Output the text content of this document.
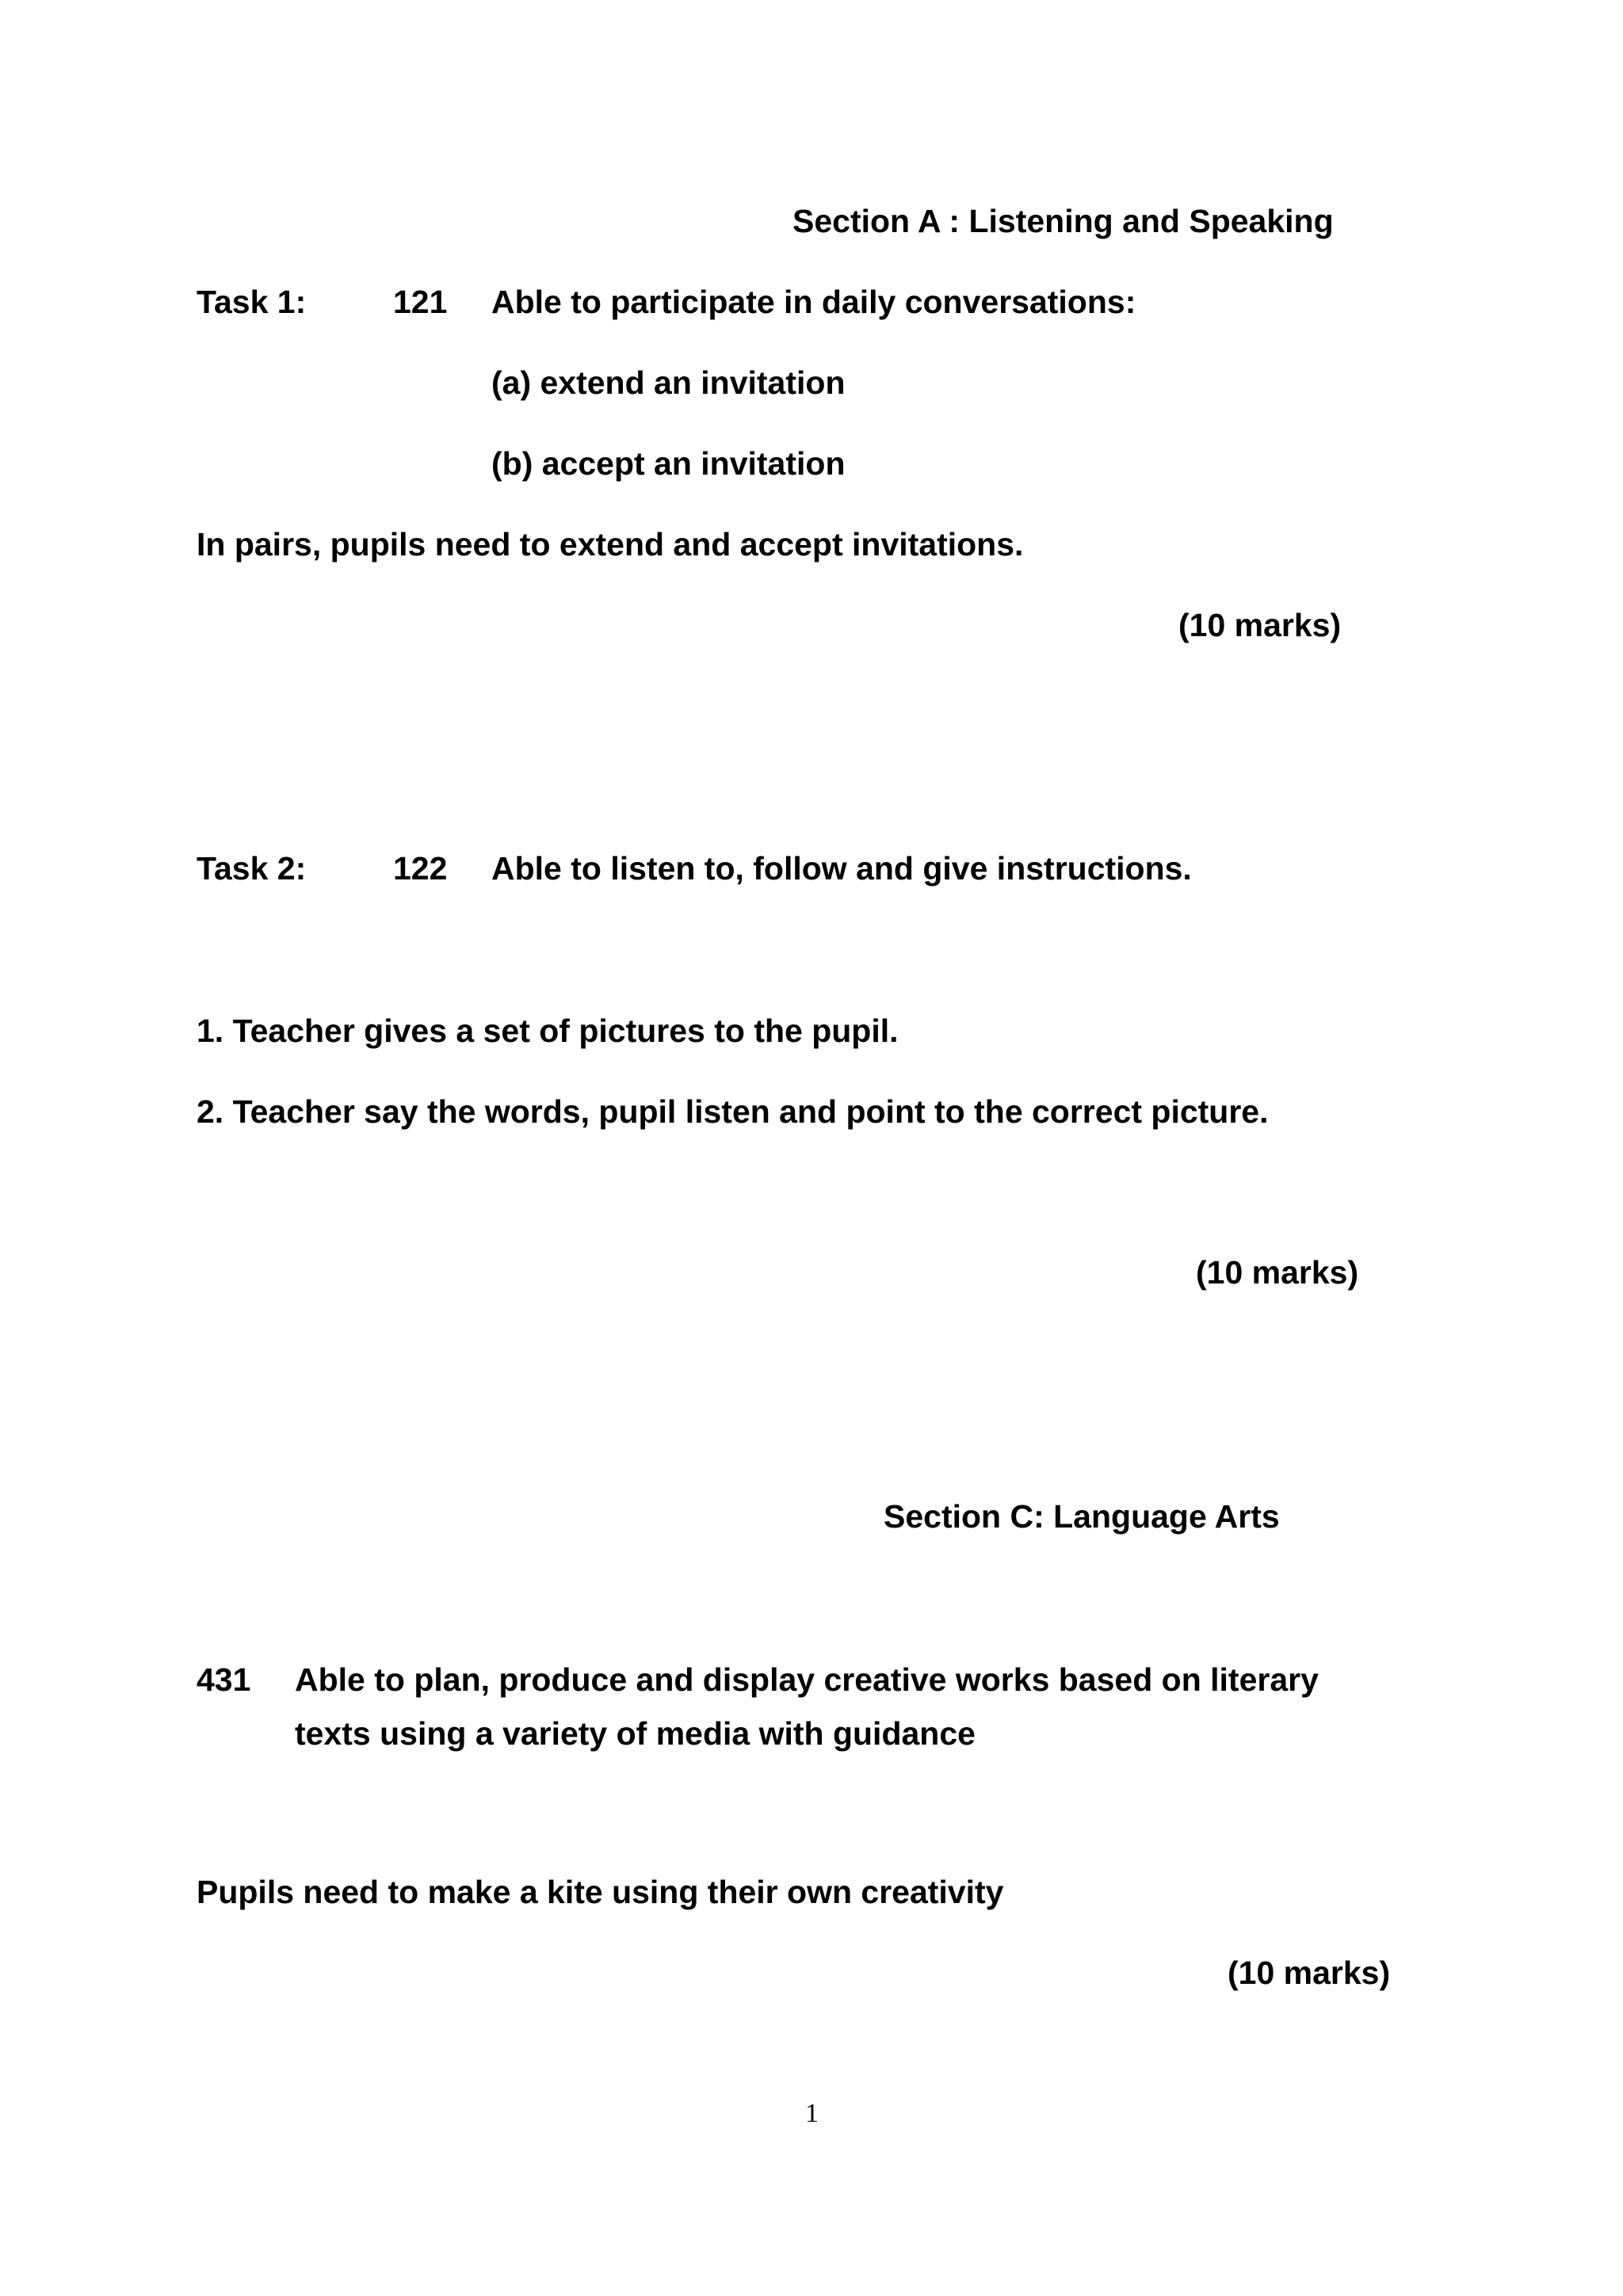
Section A : Listening and Speaking

Task 1:	121 Able to participate in daily conversations:

(a) extend an invitation

(b) accept an invitation

In pairs, pupils need to extend and accept invitations.

(10 marks)

Task 2:	122 Able to listen to, follow and give instructions.

1. Teacher gives a set of pictures to the pupil.

2. Teacher say the words, pupil listen and point to the correct picture.

(10 marks)

Section C: Language Arts

431 Able to plan, produce and display creative works based on literary texts using a variety of media with guidance

Pupils need to make a kite using their own creativity

(10 marks)

1
